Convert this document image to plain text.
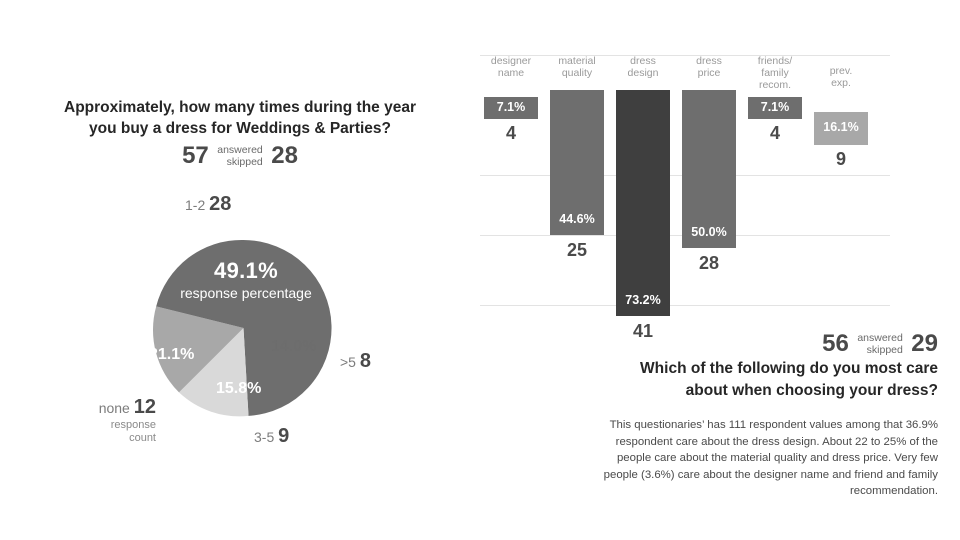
Approximately, how many times during the year you buy a dress for Weddings & Parties?
57 answered
skipped 28
1-2 28
49.1%
response percentage
21.1%
15.8%
14.0%
none 12
response
count	3-5 9
>5 8
designer
name
7.1%
4
material
quality
44.6%
25
dress
design
73.2%
41
dress
price
50.0%
28
friends/
family
recom.
7.1%
4
prev.
exp.
16.1%
9
56 answered
skipped 29
Which of the following do you most care about when choosing your dress?
This questionaries’ has 111 respondent values among that 36.9% respondent care about the dress design. About 22 to 25% of the people care about the material quality and dress price. Very few people (3.6%) care about the designer name and friend and family recommendation.
